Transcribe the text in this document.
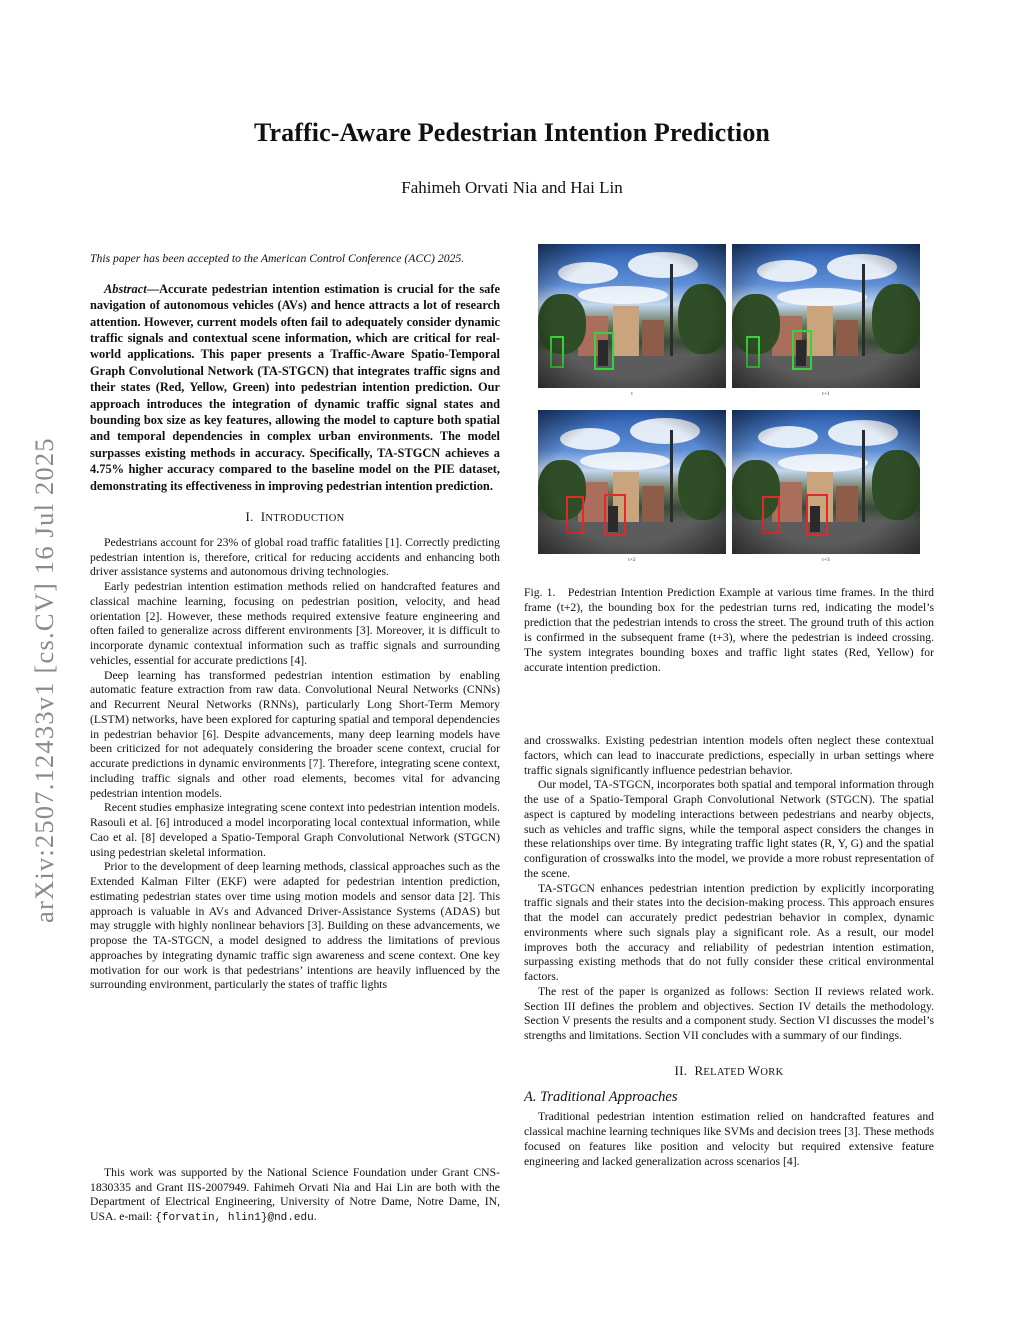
arXiv:2507.12433v1 [cs.CV] 16 Jul 2025
Traffic-Aware Pedestrian Intention Prediction
Fahimeh Orvati Nia and Hai Lin

This paper has been accepted to the American Control Conference (ACC) 2025.

Abstract—Accurate pedestrian intention estimation is crucial for the safe navigation of autonomous vehicles (AVs) and hence attracts a lot of research attention. However, current models often fail to adequately consider dynamic traffic signals and contextual scene information, which are critical for real-world applications. This paper presents a Traffic-Aware Spatio-Temporal Graph Convolutional Network (TA-STGCN) that integrates traffic signs and their states (Red, Yellow, Green) into pedestrian intention prediction. Our approach introduces the integration of dynamic traffic signal states and bounding box size as key features, allowing the model to capture both spatial and temporal dependencies in complex urban environments. The model surpasses existing methods in accuracy. Specifically, TA-STGCN achieves a 4.75% higher accuracy compared to the baseline model on the PIE dataset, demonstrating its effectiveness in improving pedestrian intention prediction.

I. INTRODUCTION

Pedestrians account for 23% of global road traffic fatalities [1]. Correctly predicting pedestrian intention is, therefore, critical for reducing accidents and enhancing both driver assistance systems and autonomous driving technologies.

Early pedestrian intention estimation methods relied on handcrafted features and classical machine learning, focusing on pedestrian position, velocity, and head orientation [2]. However, these methods required extensive feature engineering and often failed to generalize across different environments [3]. Moreover, it is difficult to incorporate dynamic contextual information such as traffic signals and surrounding vehicles, essential for accurate predictions [4].

Deep learning has transformed pedestrian intention estimation by enabling automatic feature extraction from raw data. Convolutional Neural Networks (CNNs) and Recurrent Neural Networks (RNNs), particularly Long Short-Term Memory (LSTM) networks, have been explored for capturing spatial and temporal dependencies in pedestrian behavior [6]. Despite advancements, many deep learning models have been criticized for not adequately considering the broader scene context, crucial for accurate predictions in dynamic environments [7]. Therefore, integrating scene context, including traffic signals and other road elements, becomes vital for advancing pedestrian intention models.

Recent studies emphasize integrating scene context into pedestrian intention models. Rasouli et al. [6] introduced a model incorporating local contextual information, while Cao et al. [8] developed a Spatio-Temporal Graph Convolutional Network (STGCN) using pedestrian skeletal information.

Prior to the development of deep learning methods, classical approaches such as the Extended Kalman Filter (EKF) were adapted for pedestrian intention prediction, estimating pedestrian states over time using motion models and sensor data [2]. This approach is valuable in AVs and Advanced Driver-Assistance Systems (ADAS) but may struggle with highly nonlinear behaviors [3]. Building on these advancements, we propose the TA-STGCN, a model designed to address the limitations of previous approaches by integrating dynamic traffic sign awareness and scene context. One key motivation for our work is that pedestrians’ intentions are heavily influenced by the surrounding environment, particularly the states of traffic lights

This work was supported by the National Science Foundation under Grant CNS-1830335 and Grant IIS-2007949. Fahimeh Orvati Nia and Hai Lin are both with the Department of Electrical Engineering, University of Notre Dame, Notre Dame, IN, USA. e-mail: {forvatin, hlin1}@nd.edu.
t	t+1
t+2	t+3
Fig. 1. Pedestrian Intention Prediction Example at various time frames. In the third frame (t+2), the bounding box for the pedestrian turns red, indicating the model’s prediction that the pedestrian intends to cross the street. The ground truth of this action is confirmed in the subsequent frame (t+3), where the pedestrian is indeed crossing. The system integrates bounding boxes and traffic light states (Red, Yellow) for accurate intention prediction.

and crosswalks. Existing pedestrian intention models often neglect these contextual factors, which can lead to inaccurate predictions, especially in urban settings where traffic signals significantly influence pedestrian behavior.

Our model, TA-STGCN, incorporates both spatial and temporal information through the use of a Spatio-Temporal Graph Convolutional Network (STGCN). The spatial aspect is captured by modeling interactions between pedestrians and nearby objects, such as vehicles and traffic signs, while the temporal aspect considers the changes in these relationships over time. By integrating traffic light states (R, Y, G) and the spatial configuration of crosswalks into the model, we provide a more robust representation of the scene.

TA-STGCN enhances pedestrian intention prediction by explicitly incorporating traffic signals and their states into the decision-making process. This approach ensures that the model can accurately predict pedestrian behavior in complex, dynamic environments where such signals play a significant role. As a result, our model improves both the accuracy and reliability of pedestrian intention estimation, surpassing existing methods that do not fully consider these critical environmental factors.

The rest of the paper is organized as follows: Section II reviews related work. Section III defines the problem and objectives. Section IV details the methodology. Section V presents the results and a component study. Section VI discusses the model’s strengths and limitations. Section VII concludes with a summary of our findings.

II. RELATED WORK
A. Traditional Approaches

Traditional pedestrian intention estimation relied on handcrafted features and classical machine learning techniques like SVMs and decision trees [3]. These methods focused on features like position and velocity but required extensive feature engineering and lacked generalization across scenarios [4].
